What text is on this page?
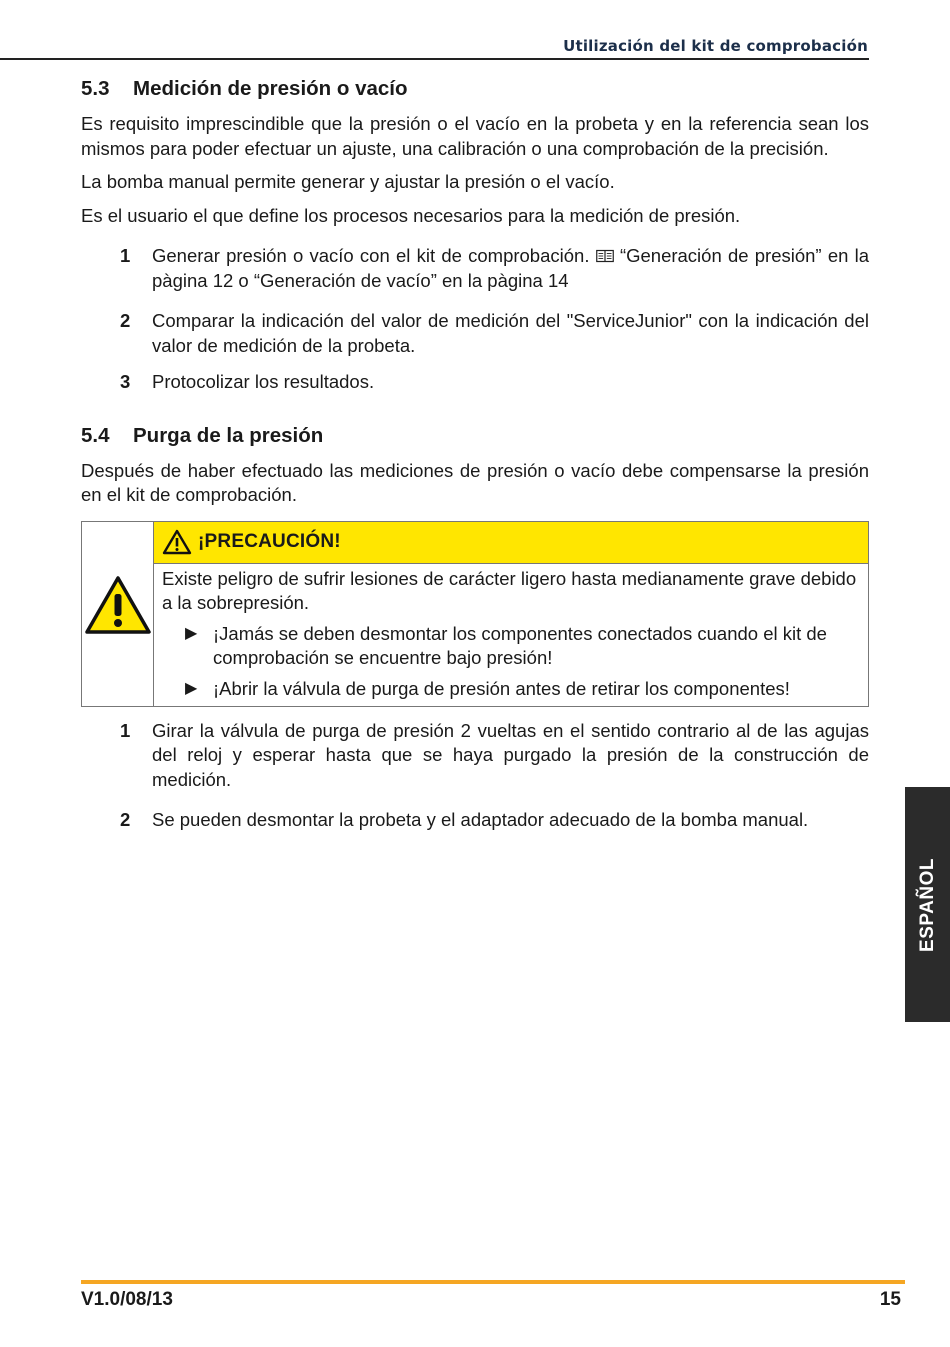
Utilización del kit de comprobación
5.3 Medición de presión o vacío

Es requisito imprescindible que la presión o el vacío en la probeta y en la referencia sean los mismos para poder efectuar un ajuste, una calibración o una comprobación de la precisión.

La bomba manual permite generar y ajustar la presión o el vacío.

Es el usuario el que define los procesos necesarios para la medición de presión.

1	Generar presión o vacío con el kit de comprobación. “Generación de presión” en la pàgina 12 o “Generación de vacío” en la pàgina 14
2	Comparar la indicación del valor de medición del "ServiceJunior" con la indicación del valor de medición de la probeta.
3	Protocolizar los resultados.
5.4 Purga de la presión

Después de haber efectuado las mediciones de presión o vacío debe compensarse la presión en el kit de comprobación.

¡PRECAUCIÓN!
Existe peligro de sufrir lesiones de carácter ligero hasta medianamente grave debido a la sobrepresión.
▶ ¡Jamás se deben desmontar los componentes conectados cuando el kit de comprobación se encuentre bajo presión!
▶ ¡Abrir la válvula de purga de presión antes de retirar los componentes!
1	Girar la válvula de purga de presión 2 vueltas en el sentido contrario al de las agujas del reloj y esperar hasta que se haya purgado la presión de la construcción de medición.
2	Se pueden desmontar la probeta y el adaptador adecuado de la bomba manual.
ESPAÑOL
V1.0/08/13	15
